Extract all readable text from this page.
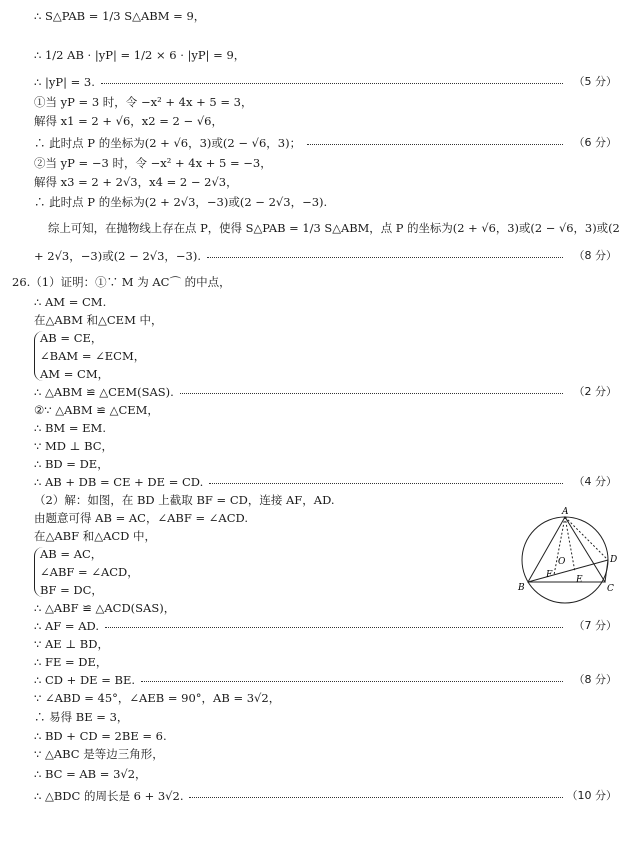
∴ S△PAB = 1/3 S△ABM = 9，
∴ 1/2 AB · |yP| = 1/2 × 6 · |yP| = 9，
∴ |yP| = 3.	（5 分）
①当 yP = 3 时，令 −x² + 4x + 5 = 3，
解得 x1 = 2 + √6，x2 = 2 − √6，
∴ 此时点 P 的坐标为(2 + √6，3)或(2 − √6，3)；	（6 分）
②当 yP = −3 时，令 −x² + 4x + 5 = −3，
解得 x3 = 2 + 2√3，x4 = 2 − 2√3，
∴ 此时点 P 的坐标为(2 + 2√3，−3)或(2 − 2√3，−3).
综上可知，在抛物线上存在点 P，使得 S△PAB = 1/3 S△ABM，点 P 的坐标为(2 + √6，3)或(2 − √6，3)或(2
+ 2√3，−3)或(2 − 2√3，−3).	（8 分）
26.（1）证明：①∵ M 为 AC⌒ 的中点，
∴ AM = CM.
在△ABM 和△CEM 中，
AB = CE，
∠BAM = ∠ECM，
AM = CM，
∴ △ABM ≌ △CEM(SAS).	（2 分）
②∵ △ABM ≌ △CEM，
∴ BM = EM.
∵ MD ⊥ BC，
∴ BD = DE，
∴ AB + DB = CE + DE = CD.	（4 分）
（2）解：如图，在 BD 上截取 BF = CD，连接 AF，AD.
由题意可得 AB = AC，∠ABF = ∠ACD.
在△ABF 和△ACD 中，
AB = AC，
∠ABF = ∠ACD，
BF = DC，
∴ △ABF ≌ △ACD(SAS)，
∴ AF = AD.	（7 分）
∵ AE ⊥ BD，
∴ FE = DE，
∴ CD + DE = BE.	（8 分）
∵ ∠ABD = 45°，∠AEB = 90°，AB = 3√2，
∴ 易得 BE = 3，
∴ BD + CD = 2BE = 6.
∵ △ABC 是等边三角形，
∴ BC = AB = 3√2，
∴ △BDC 的周长是 6 + 3√2.	（10 分）
A
B	C
D
E
F
O
